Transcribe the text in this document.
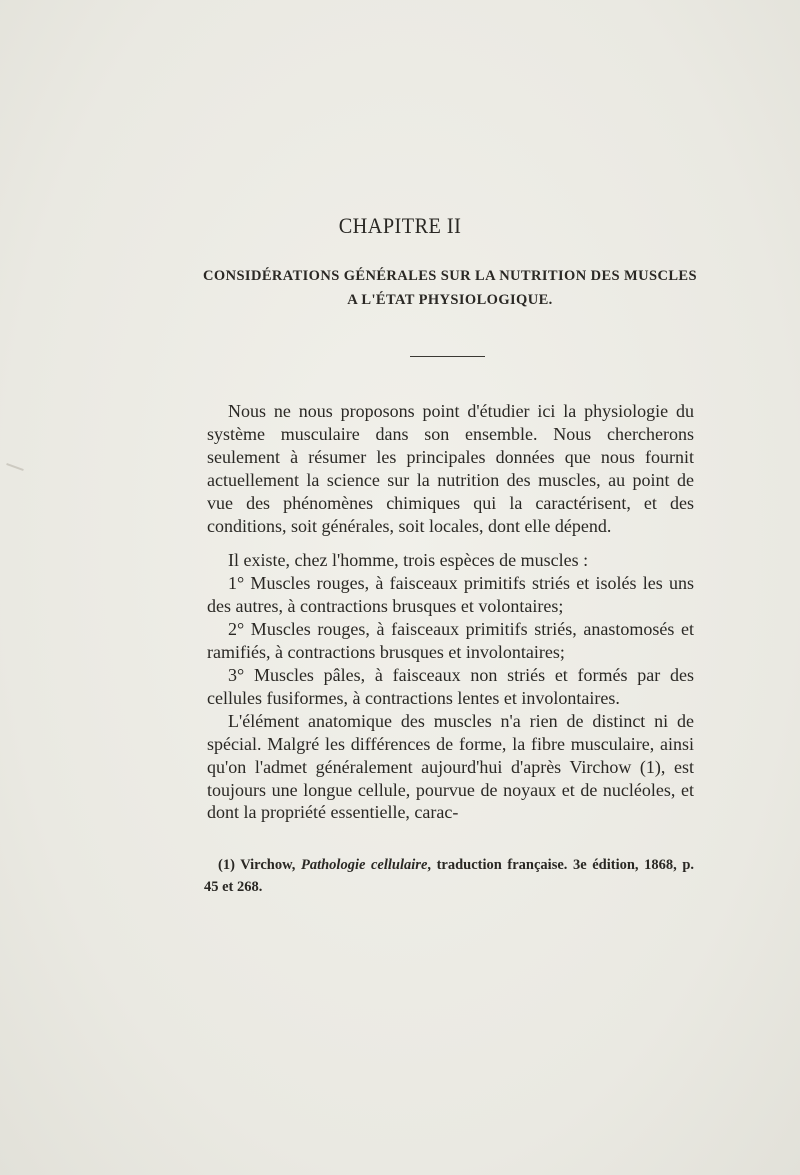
CHAPITRE II
CONSIDÉRATIONS GÉNÉRALES SUR LA NUTRITION DES MUSCLES
A L'ÉTAT PHYSIOLOGIQUE.

Nous ne nous proposons point d'étudier ici la physiologie du système musculaire dans son ensemble. Nous chercherons seulement à résumer les principales données que nous fournit actuellement la science sur la nutrition des muscles, au point de vue des phénomènes chimiques qui la caractérisent, et des conditions, soit générales, soit locales, dont elle dépend.

Il existe, chez l'homme, trois espèces de muscles :

1° Muscles rouges, à faisceaux primitifs striés et isolés les uns des autres, à contractions brusques et volontaires;

2° Muscles rouges, à faisceaux primitifs striés, anastomosés et ramifiés, à contractions brusques et involontaires;

3° Muscles pâles, à faisceaux non striés et formés par des cellules fusiformes, à contractions lentes et involontaires.

L'élément anatomique des muscles n'a rien de distinct ni de spécial. Malgré les différences de forme, la fibre musculaire, ainsi qu'on l'admet généralement aujourd'hui d'après Virchow (1), est toujours une longue cellule, pourvue de noyaux et de nucléoles, et dont la propriété essentielle, carac-

(1) Virchow, Pathologie cellulaire, traduction française. 3e édition, 1868, p. 45 et 268.
